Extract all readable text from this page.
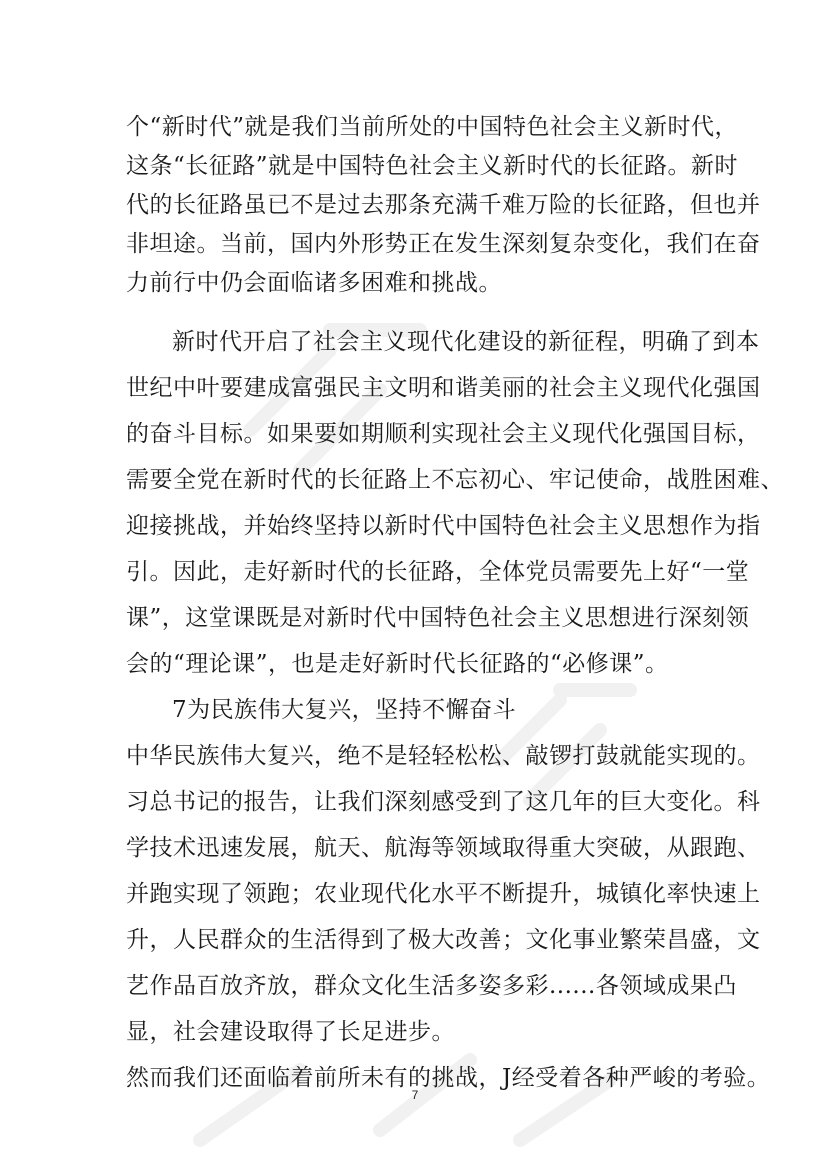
个“新时代”就是我们当前所处的中国特色社会主义新时代，
这条“长征路”就是中国特色社会主义新时代的长征路。新时
代的长征路虽已不是过去那条充满千难万险的长征路，但也并
非坦途。当前，国内外形势正在发生深刻复杂变化，我们在奋
力前行中仍会面临诸多困难和挑战。
新时代开启了社会主义现代化建设的新征程，明确了到本
世纪中叶要建成富强民主文明和谐美丽的社会主义现代化强国
的奋斗目标。如果要如期顺利实现社会主义现代化强国目标，
需要全党在新时代的长征路上不忘初心、牢记使命，战胜困难、
迎接挑战，并始终坚持以新时代中国特色社会主义思想作为指
引。因此，走好新时代的长征路，全体党员需要先上好“一堂
课”，这堂课既是对新时代中国特色社会主义思想进行深刻领
会的“理论课”，也是走好新时代长征路的“必修课”。
7为民族伟大复兴，坚持不懈奋斗
中华民族伟大复兴，绝不是轻轻松松、敲锣打鼓就能实现的。
习总书记的报告，让我们深刻感受到了这几年的巨大变化。科
学技术迅速发展，航天、航海等领域取得重大突破，从跟跑、
并跑实现了领跑；农业现代化水平不断提升，城镇化率快速上
升，人民群众的生活得到了极大改善；文化事业繁荣昌盛，文
艺作品百放齐放，群众文化生活多姿多彩......各领域成果凸
显，社会建设取得了长足进步。
然而我们还面临着前所未有的挑战，J经受着各种严峻的考验。
7
